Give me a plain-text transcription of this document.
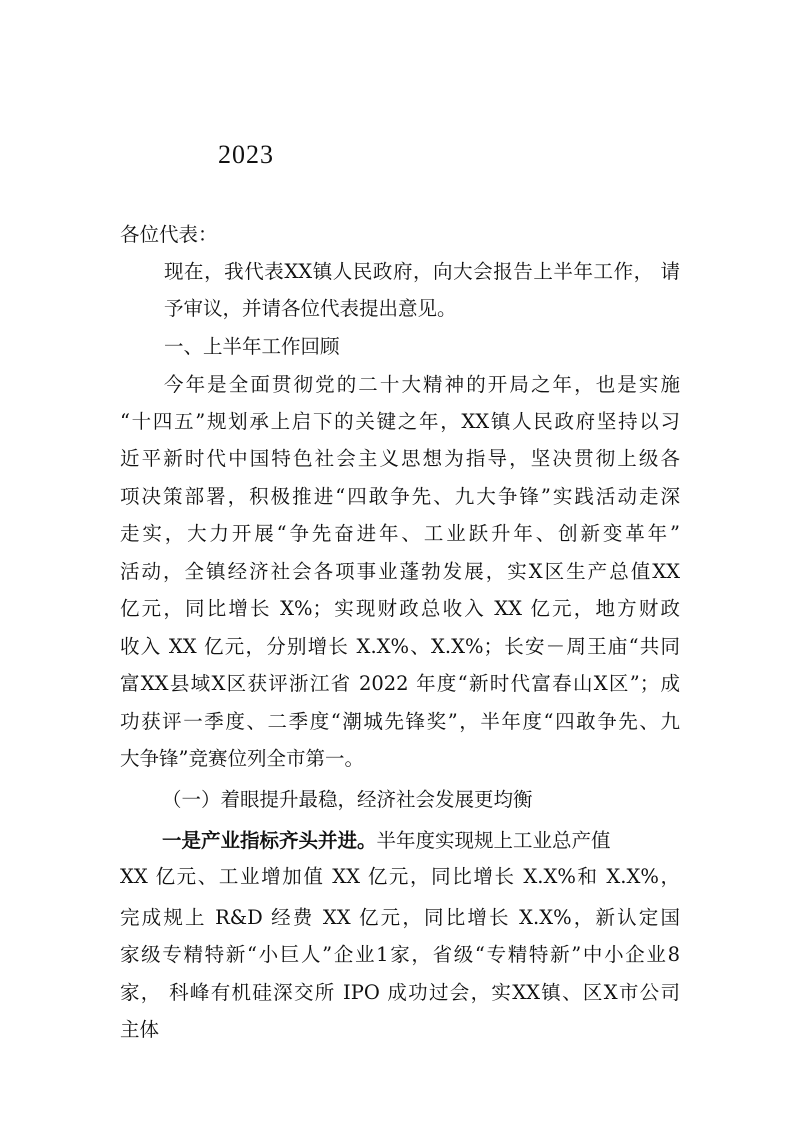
2023
各位代表：
现在，我代表XX镇人民政府，向大会报告上半年工作， 请
予审议，并请各位代表提出意见。
一、上半年工作回顾
今年是全面贯彻党的二十大精神的开局之年，也是实施
“十四五”规划承上启下的关键之年，XX镇人民政府坚持以习
近平新时代中国特色社会主义思想为指导，坚决贯彻上级各
项决策部署，积极推进“四敢争先、九大争锋”实践活动走深
走实，大力开展“争先奋进年、工业跃升年、创新变革年”
活动，全镇经济社会各项事业蓬勃发展，实X区生产总值XX
亿元，同比增长 X%；实现财政总收入 XX 亿元，地方财政
收入 XX 亿元，分别增长 X.X%、X.X%；长安－周王庙“共同
富XX县域X区获评浙江省 2022 年度“新时代富春山X区”；成
功获评一季度、二季度“潮城先锋奖”，半年度“四敢争先、九
大争锋”竞赛位列全市第一。
（一）着眼提升最稳，经济社会发展更均衡
一是产业指标齐头并进。半年度实现规上工业总产值
XX 亿元、工业增加值 XX 亿元，同比增长 X.X%和 X.X%，
完成规上 R&D 经费 XX 亿元，同比增长 X.X%，新认定国
家级专精特新“小巨人”企业1家，省级“专精特新”中小企业8
家， 科峰有机硅深交所 IPO 成功过会，实XX镇、区X市公司
主体
